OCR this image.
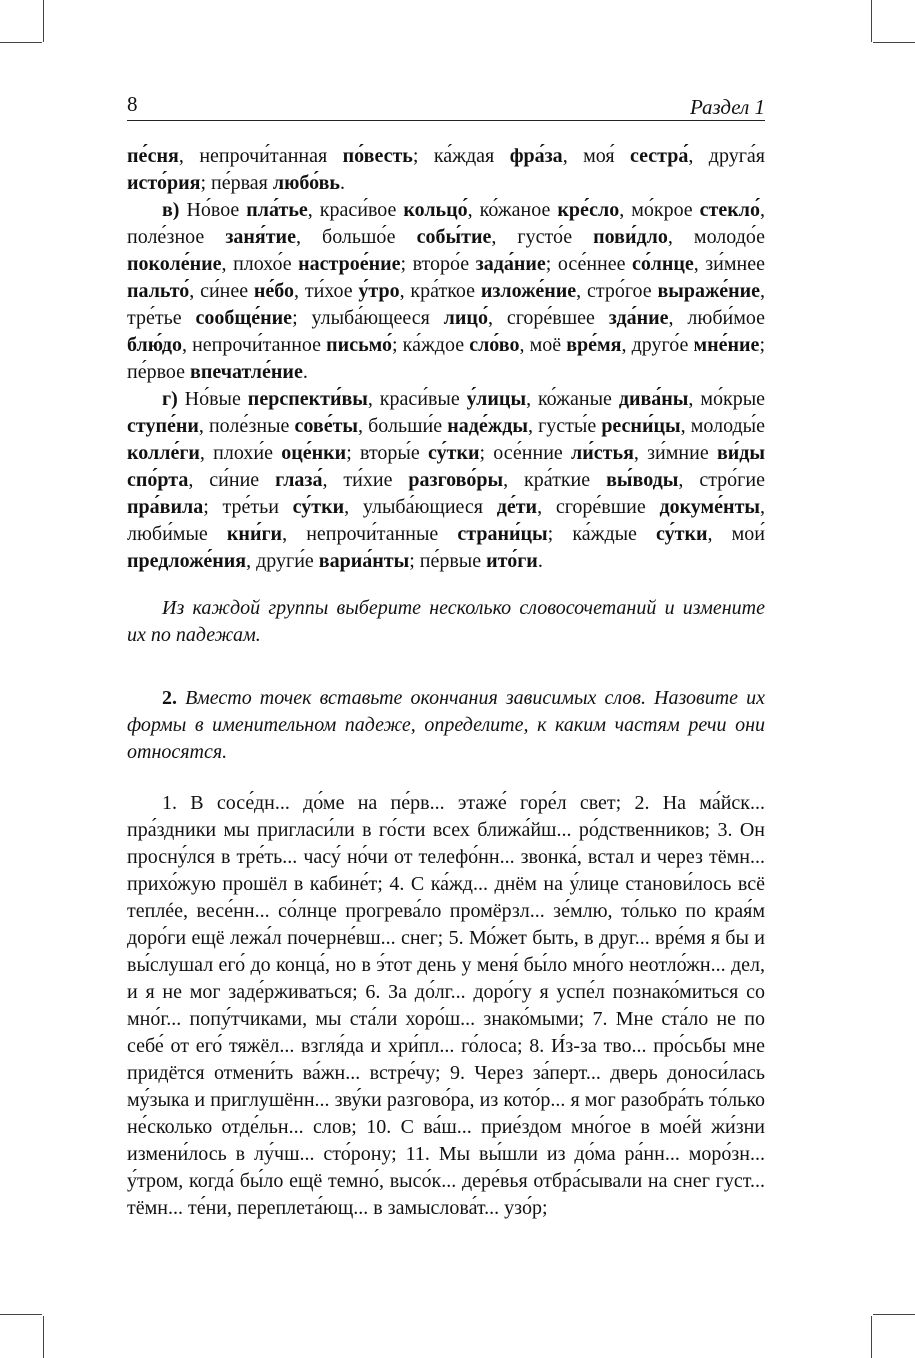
8	Раздел 1

пе́сня, непрочи́танная по́весть; ка́ждая фра́за, моя́ сестра́, друга́я исто́рия; пе́рвая любо́вь.

в) Но́вое пла́тье, краси́вое кольцо́, ко́жаное кре́сло, мо́крое стекло́, поле́зное заня́тие, большо́е собы́тие, густо́е пови́дло, молодо́е поколе́ние, плохо́е настрое́ние; второ́е зада́ние; осе́ннее со́лнце, зи́мнее пальто́, си́нее не́бо, ти́хое у́тро, кра́ткое изложе́ние, стро́гое выраже́ние, тре́тье сообще́ние; улыба́ющееся лицо́, сгоре́вшее зда́ние, люби́мое блю́до, непрочи́танное письмо́; ка́ждое сло́во, моё вре́мя, друго́е мне́ние; пе́рвое впечатле́ние.

г) Но́вые перспекти́вы, краси́вые у́лицы, ко́жаные дива́ны, мо́крые ступе́ни, поле́зные сове́ты, больши́е наде́жды, густы́е ресни́цы, молоды́е колле́ги, плохи́е оце́нки; вторы́е су́тки; осе́нние ли́стья, зи́мние ви́ды спо́рта, си́ние глаза́, ти́хие разгово́ры, кра́ткие вы́воды, стро́гие пра́вила; тре́тьи су́тки, улыба́ющиеся де́ти, сгоре́вшие докуме́нты, люби́мые кни́ги, непрочи́танные страни́цы; ка́ждые су́тки, мои́ предложе́ния, други́е вариа́нты; пе́рвые ито́ги.

Из каждой группы выберите несколько словосочетаний и измените их по падежам.

2. Вместо точек вставьте окончания зависимых слов. Назовите их формы в именительном падеже, определите, к каким частям речи они относятся.

1. В сосе́дн... до́ме на пе́рв... этаже́ горе́л свет; 2. На ма́йск... пра́здники мы пригласи́ли в го́сти всех ближа́йш... ро́дственников; 3. Он просну́лся в тре́ть... часу́ но́чи от телефо́нн... звонка́, встал и через тёмн... прихо́жую прошёл в кабине́т; 4. С ка́жд... днём на у́лице станови́лось всё теплée, весе́нн... со́лнце прогрева́ло промёрзл... зе́млю, то́лько по края́м доро́ги ещё лежа́л почерне́вш... снег; 5. Мо́жет быть, в друг... вре́мя я бы и вы́слушал его́ до конца́, но в э́тот день у меня́ бы́ло мно́го неотло́жн... дел, и я не мог заде́рживаться; 6. За до́лг... доро́гу я успе́л познако́миться со мно́г... попу́тчиками, мы ста́ли хоро́ш... знако́мыми; 7. Мне ста́ло не по себе́ от его́ тяжёл... взгля́да и хри́пл... го́лоса; 8. И́з-за тво... про́сьбы мне придётся отмени́ть ва́жн... встре́чу; 9. Через за́перт... дверь доноси́лась му́зыка и приглушённ... зву́ки разгово́ра, из кото́р... я мог разобра́ть то́лько не́сколько отде́льн... слов; 10. С ва́ш... прие́здом мно́гое в мое́й жи́зни измени́лось в лу́чш... сто́рону; 11. Мы вы́шли из до́ма ра́нн... моро́зн... у́тром, когда́ бы́ло ещё темно́, высо́к... дере́вья отбра́сывали на снег густ... тёмн... те́ни, переплета́ющ... в замыслова́т... узо́р;
